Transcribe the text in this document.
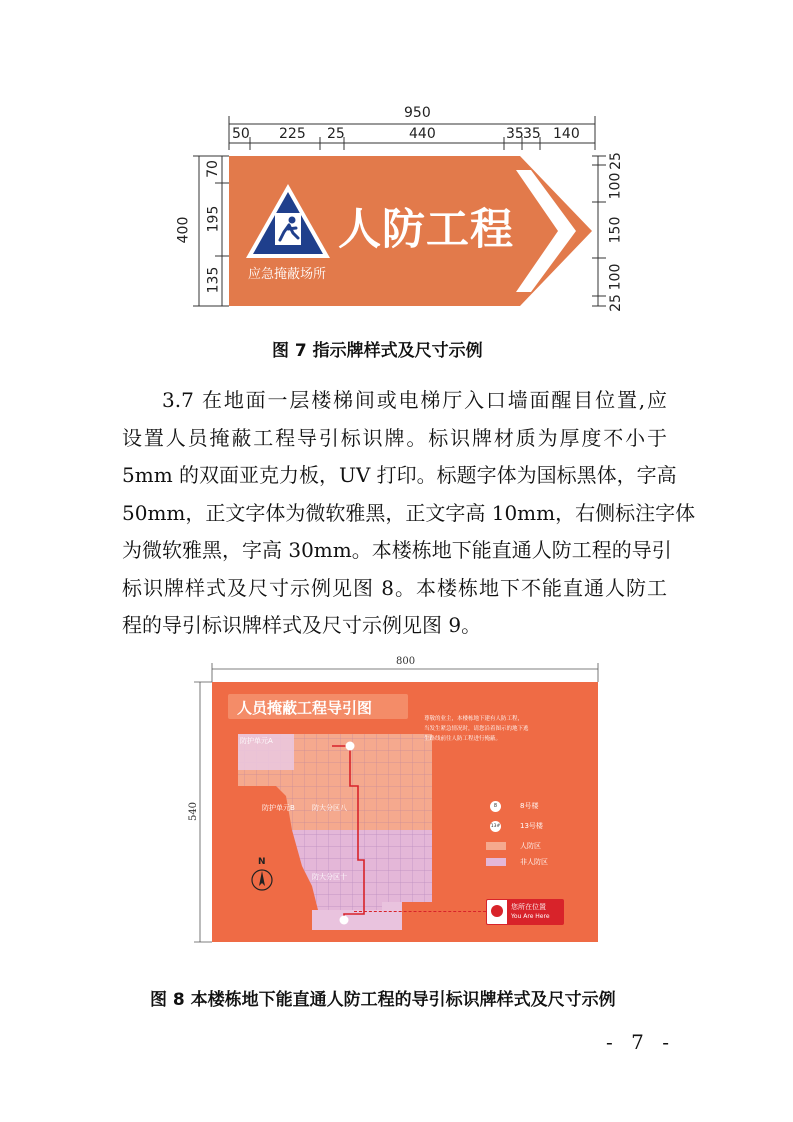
950
50 225 25	440	35 35 140
400
70
195
135
25
100
150
100
25
人防工程
应急掩蔽场所
图 7 指示牌样式及尺寸示例
3.7 在地面一层楼梯间或电梯厅入口墙面醒目位置,应
设置人员掩蔽工程导引标识牌。标识牌材质为厚度不小于
5mm 的双面亚克力板，UV 打印。标题字体为国标黑体，字高
50mm，正文字体为微软雅黑，正文字高 10mm，右侧标注字体
为微软雅黑，字高 30mm。本楼栋地下能直通人防工程的导引
标识牌样式及尺寸示例见图 8。本楼栋地下不能直通人防工
程的导引标识牌样式及尺寸示例见图 9。
800
540
人员掩蔽工程导引图
防护单元B 防大分区八
防大分区十
防护单元A
N
尊敬的业主，本楼栋地下建有人防工程，
当发生紧急情况时，请您沿着图示的地下逃
生路线前往人防工程进行掩蔽。
8	8号楼
13#	13号楼
人防区
非人防区
您所在位置
You Are Here
图 8 本楼栋地下能直通人防工程的导引标识牌样式及尺寸示例
- 7 -
